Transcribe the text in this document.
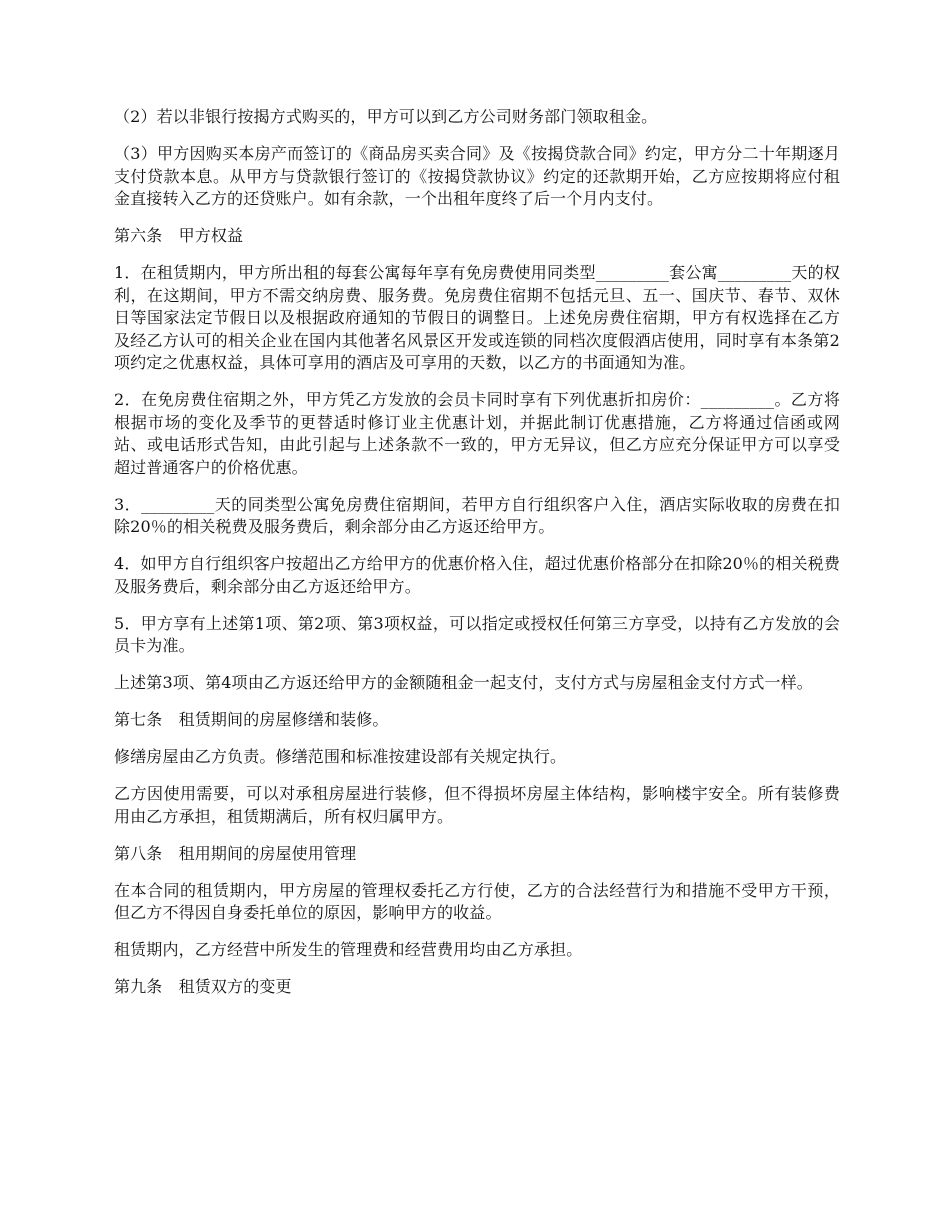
（2）若以非银行按揭方式购买的，甲方可以到乙方公司财务部门领取租金。

（3）甲方因购买本房产而签订的《商品房买卖合同》及《按揭贷款合同》约定，甲方分二十年期逐月支付贷款本息。从甲方与贷款银行签订的《按揭贷款协议》约定的还款期开始，乙方应按期将应付租金直接转入乙方的还贷账户。如有余款，一个出租年度终了后一个月内支付。

第六条　甲方权益

1．在租赁期内，甲方所出租的每套公寓每年享有免房费使用同类型_________套公寓_________天的权利，在这期间，甲方不需交纳房费、服务费。免房费住宿期不包括元旦、五一、国庆节、春节、双休日等国家法定节假日以及根据政府通知的节假日的调整日。上述免房费住宿期，甲方有权选择在乙方及经乙方认可的相关企业在国内其他著名风景区开发或连锁的同档次度假酒店使用，同时享有本条第2项约定之优惠权益，具体可享用的酒店及可享用的天数，以乙方的书面通知为准。

2．在免房费住宿期之外，甲方凭乙方发放的会员卡同时享有下列优惠折扣房价：_________。乙方将根据市场的变化及季节的更替适时修订业主优惠计划，并据此制订优惠措施，乙方将通过信函或网站、或电话形式告知，由此引起与上述条款不一致的，甲方无异议，但乙方应充分保证甲方可以享受超过普通客户的价格优惠。

3．_________天的同类型公寓免房费住宿期间，若甲方自行组织客户入住，酒店实际收取的房费在扣除20％的相关税费及服务费后，剩余部分由乙方返还给甲方。

4．如甲方自行组织客户按超出乙方给甲方的优惠价格入住，超过优惠价格部分在扣除20％的相关税费及服务费后，剩余部分由乙方返还给甲方。

5．甲方享有上述第1项、第2项、第3项权益，可以指定或授权任何第三方享受，以持有乙方发放的会员卡为准。

上述第3项、第4项由乙方返还给甲方的金额随租金一起支付，支付方式与房屋租金支付方式一样。

第七条　租赁期间的房屋修缮和装修。

修缮房屋由乙方负责。修缮范围和标准按建设部有关规定执行。

乙方因使用需要，可以对承租房屋进行装修，但不得损坏房屋主体结构，影响楼宇安全。所有装修费用由乙方承担，租赁期满后，所有权归属甲方。

第八条　租用期间的房屋使用管理

在本合同的租赁期内，甲方房屋的管理权委托乙方行使，乙方的合法经营行为和措施不受甲方干预，但乙方不得因自身委托单位的原因，影响甲方的收益。

租赁期内，乙方经营中所发生的管理费和经营费用均由乙方承担。

第九条　租赁双方的变更
